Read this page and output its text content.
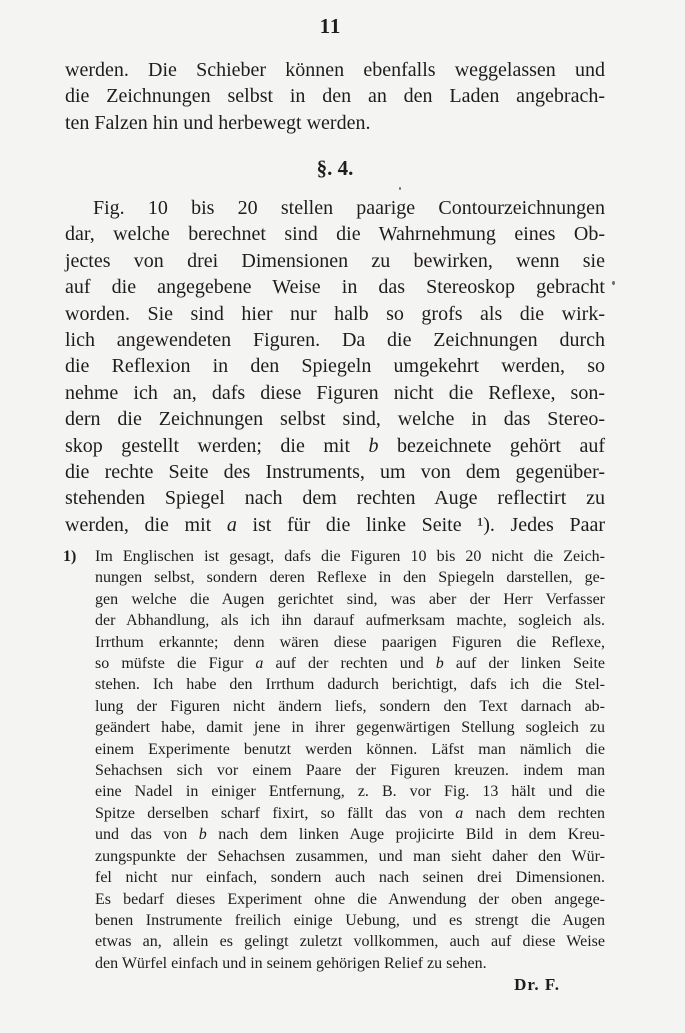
11
werden. Die Schieber können ebenfalls weggelassen und
die Zeichnungen selbst in den an den Laden angebrach-
ten Falzen hin und herbewegt werden.
§. 4.
Fig. 10 bis 20 stellen paarige Contourzeichnungen
dar, welche berechnet sind die Wahrnehmung eines Ob-
jectes von drei Dimensionen zu bewirken, wenn sie
auf die angegebene Weise in das Stereoskop gebracht
worden. Sie sind hier nur halb so grofs als die wirk-
lich angewendeten Figuren. Da die Zeichnungen durch
die Reflexion in den Spiegeln umgekehrt werden, so
nehme ich an, dafs diese Figuren nicht die Reflexe, son-
dern die Zeichnungen selbst sind, welche in das Stereo-
skop gestellt werden; die mit b bezeichnete gehört auf
die rechte Seite des Instruments, um von dem gegenüber-
stehenden Spiegel nach dem rechten Auge reflectirt zu
werden, die mit a ist für die linke Seite ¹). Jedes Paar
1) Im Englischen ist gesagt, dafs die Figuren 10 bis 20 nicht die Zeich-
nungen selbst, sondern deren Reflexe in den Spiegeln darstellen, ge-
gen welche die Augen gerichtet sind, was aber der Herr Verfasser
der Abhandlung, als ich ihn darauf aufmerksam machte, sogleich als.
Irrthum erkannte; denn wären diese paarigen Figuren die Reflexe,
so müfste die Figur a auf der rechten und b auf der linken Seite
stehen. Ich habe den Irrthum dadurch berichtigt, dafs ich die Stel-
lung der Figuren nicht ändern liefs, sondern den Text darnach ab-
geändert habe, damit jene in ihrer gegenwärtigen Stellung sogleich zu
einem Experimente benutzt werden können. Läfst man nämlich die
Sehachsen sich vor einem Paare der Figuren kreuzen. indem man
eine Nadel in einiger Entfernung, z. B. vor Fig. 13 hält und die
Spitze derselben scharf fixirt, so fällt das von a nach dem rechten
und das von b nach dem linken Auge projicirte Bild in dem Kreu-
zungspunkte der Sehachsen zusammen, und man sieht daher den Wür-
fel nicht nur einfach, sondern auch nach seinen drei Dimensionen.
Es bedarf dieses Experiment ohne die Anwendung der oben angege-
benen Instrumente freilich einige Uebung, und es strengt die Augen
etwas an, allein es gelingt zuletzt vollkommen, auch auf diese Weise
den Würfel einfach und in seinem gehörigen Relief zu sehen.
Dr. F.
